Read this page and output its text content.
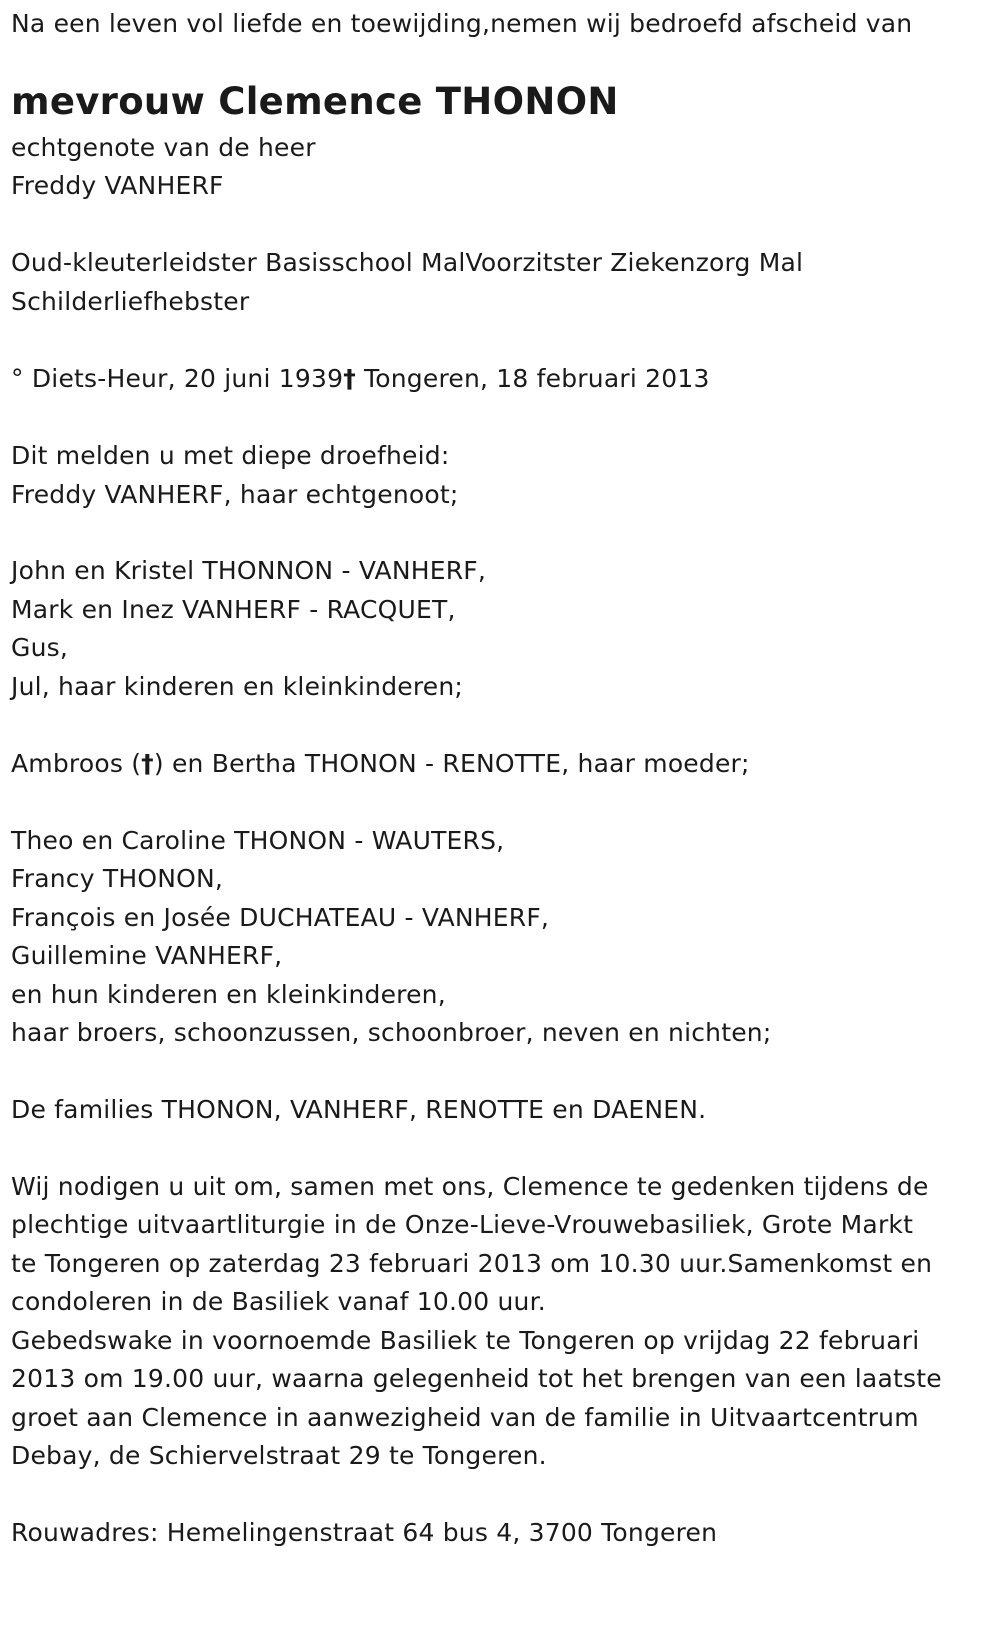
Na een leven vol liefde en toewijding,nemen wij bedroefd afscheid van
mevrouw Clemence THONON
echtgenote van de heer
Freddy VANHERF
Oud-kleuterleidster Basisschool MalVoorzitster Ziekenzorg Mal
Schilderliefhebster
° Diets-Heur, 20 juni 1939† Tongeren, 18 februari 2013
Dit melden u met diepe droefheid:
Freddy VANHERF, haar echtgenoot;
John en Kristel THONNON - VANHERF,
Mark en Inez VANHERF - RACQUET,
Gus,
Jul, haar kinderen en kleinkinderen;
Ambroos (†) en Bertha THONON - RENOTTE, haar moeder;
Theo en Caroline THONON - WAUTERS,
Francy THONON,
François en Josée DUCHATEAU - VANHERF,
Guillemine VANHERF,
en hun kinderen en kleinkinderen,
haar broers, schoonzussen, schoonbroer, neven en nichten;
De families THONON, VANHERF, RENOTTE en DAENEN.
Wij nodigen u uit om, samen met ons, Clemence te gedenken tijdens de
plechtige uitvaartliturgie in de Onze-Lieve-Vrouwebasiliek, Grote Markt
te Tongeren op zaterdag 23 februari 2013 om 10.30 uur.Samenkomst en
condoleren in de Basiliek vanaf 10.00 uur.
Gebedswake in voornoemde Basiliek te Tongeren op vrijdag 22 februari
2013 om 19.00 uur, waarna gelegenheid tot het brengen van een laatste
groet aan Clemence in aanwezigheid van de familie in Uitvaartcentrum
Debay, de Schiervelstraat 29 te Tongeren.
Rouwadres: Hemelingenstraat 64 bus 4, 3700 Tongeren
